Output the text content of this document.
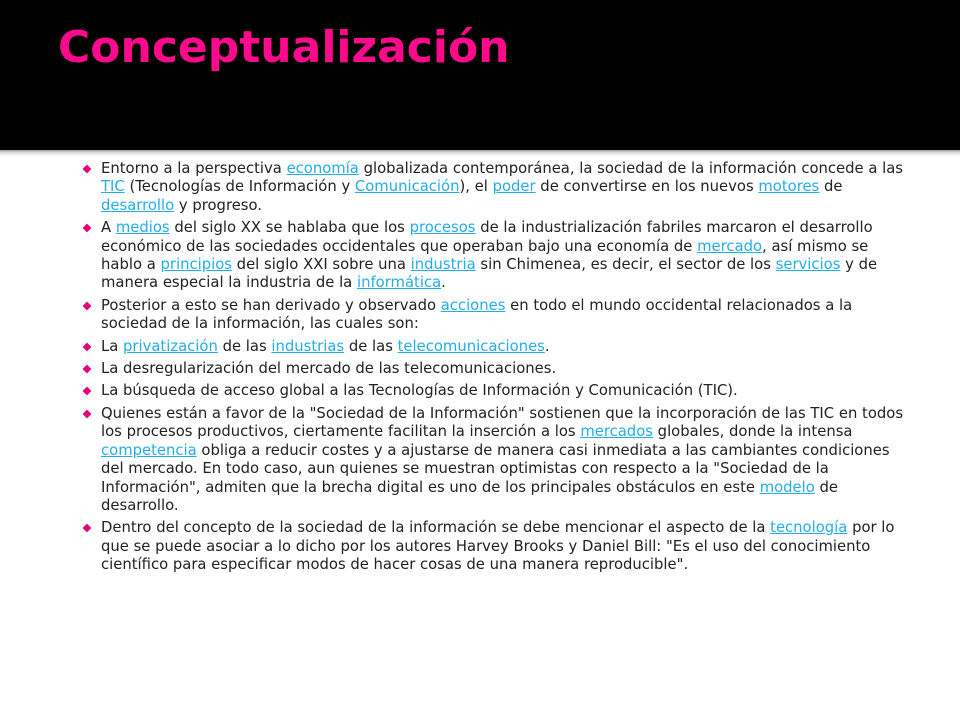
Conceptualización
Entorno a la perspectiva economía globalizada contemporánea, la sociedad de la información concede a las TIC (Tecnologías de Información y Comunicación), el poder de convertirse en los nuevos motores de desarrollo y progreso.
A medios del siglo XX se hablaba que los procesos de la industrialización fabriles marcaron el desarrollo económico de las sociedades occidentales que operaban bajo una economía de mercado, así mismo se hablo a principios del siglo XXI sobre una industria sin Chimenea, es decir, el sector de los servicios y de manera especial la industria de la informática.
Posterior a esto se han derivado y observado acciones en todo el mundo occidental relacionados a la sociedad de la información, las cuales son:
La privatización de las industrias de las telecomunicaciones.
La desregularización del mercado de las telecomunicaciones.
La búsqueda de acceso global a las Tecnologías de Información y Comunicación (TIC).
Quienes están a favor de la "Sociedad de la Información" sostienen que la incorporación de las TIC en todos los procesos productivos, ciertamente facilitan la inserción a los mercados globales, donde la intensa competencia obliga a reducir costes y a ajustarse de manera casi inmediata a las cambiantes condiciones del mercado. En todo caso, aun quienes se muestran optimistas con respecto a la "Sociedad de la Información", admiten que la brecha digital es uno de los principales obstáculos en este modelo de desarrollo.
Dentro del concepto de la sociedad de la información se debe mencionar el aspecto de la tecnología por lo que se puede asociar a lo dicho por los autores Harvey Brooks y Daniel Bill: "Es el uso del conocimiento científico para especificar modos de hacer cosas de una manera reproducible".
